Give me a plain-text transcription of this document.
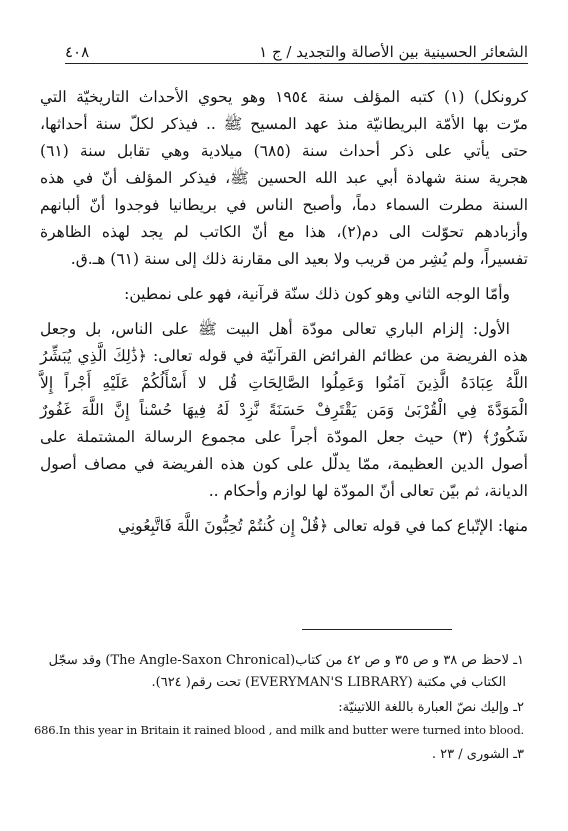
الشعائر الحسينية بين الأصالة والتجديد / ج ١
٤٠٨
كرونكل) (١) كتبه المؤلف سنة ١٩٥٤ وهو يحوي الأحداث التاريخيّة التي
مرّت بها الأمّة البريطانيّة منذ عهد المسيح ﷺ .. فيذكر لكلّ سنة أحداثها،
حتى يأتي على ذكر أحداث سنة (٦٨٥) ميلادية وهي تقابل سنة (٦١)
هجرية سنة شهادة أبي عبد الله الحسين ﷺ، فيذكر المؤلف أنّ في هذه
السنة مطرت السماء دماً، وأصبح الناس في بريطانيا فوجدوا أنّ ألبانهم
وأزبادهم تحوّلت الى دم(٢)، هذا مع أنّ الكاتب لم يجد لهذه الظاهرة
تفسيراً، ولم يُشِر من قريب ولا بعيد الى مقارنة ذلك إلى سنة (٦١) هـ.ق.
وأمّا الوجه الثاني وهو كون ذلك سنّة قرآنية، فهو على نمطين:
الأول: إلزام الباري تعالى مودّة أهل البيت ﷺ على الناس، بل وجعل
هذه الفريضة من عظائم الفرائض القرآنيّة في قوله تعالى: ﴿ذَٰلِكَ الَّذِي يُبَشِّرُ
اللَّهُ عِبَادَهُ الَّذِينَ آمَنُوا وَعَمِلُوا الصَّالِحَاتِ قُل لا أَسْأَلُكُمْ عَلَيْهِ أَجْراً إِلاَّ
الْمَوَدَّةَ فِي الْقُرْبَىٰ وَمَن يَقْتَرِفْ حَسَنَةً نَّزِدْ لَهُ فِيهَا حُسْناً إِنَّ اللَّهَ غَفُورٌ
شَكُورٌ﴾ (٣) حيث جعل المودّة أجراً على مجموع الرسالة المشتملة على
أصول الدين العظيمة، ممّا يدلّل على كون هذه الفريضة في مصاف أصول
الديانة، ثم بيّن تعالى أنّ المودّة لها لوازم وأحكام ..
منها: الإتّباع كما في قوله تعالى ﴿قُلْ إِن كُنتُمْ تُحِبُّونَ اللَّهَ فَاتَّبِعُونِي
١ـ لاحظ ص ٣٨ و ص ٣٥ و ص ٤٢ من كتاب(The Angle-Saxon Chronical) وقد سجّل
الكتاب في مكتبة (EVERYMAN'S LIBRARY) تحت رقم( ٦٢٤).
٢ـ وإليك نصّ العبارة باللغة اللاتينيّة:
686.In this year in Britain it rained blood , and milk and butter were turned into blood.
٣ـ الشورى / ٢٣ .
